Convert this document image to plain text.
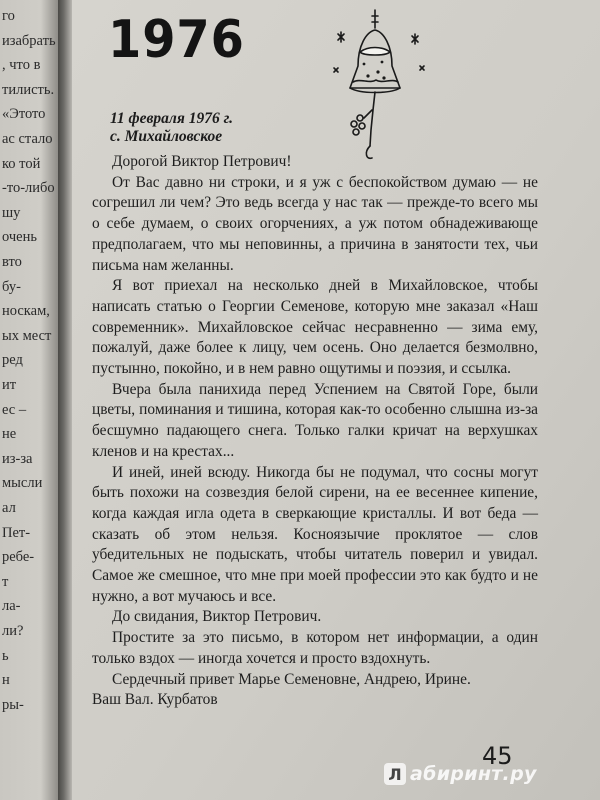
го
изабрать
, что в
тилисть.
«Этото
ас стало
ко той
-то-либо
шу
очень
вто
бу-
носкам,
ых мест
ред
ит
ес –
не
из-за
мысли
ал
Пет-
ребе-
т
ла-
ли?
ь
н
ры-
1976
11 февраля 1976 г.
с. Михайловское

Дорогой Виктор Петрович!

От Вас давно ни строки, и я уж с беспокойством думаю — не согрешил ли чем? Это ведь всегда у нас так — прежде-то всего мы о себе думаем, о своих огорчениях, а уж потом обнадеживающе предполагаем, что мы неповинны, а причина в занятости тех, чьи письма нам желанны.

Я вот приехал на несколько дней в Михайловское, чтобы написать статью о Георгии Семенове, которую мне заказал «Наш современник». Михайловское сейчас несравненно — зима ему, пожалуй, даже более к лицу, чем осень. Оно делается безмолвно, пустынно, покойно, и в нем равно ощутимы и поэзия, и ссылка.

Вчера была панихида перед Успением на Святой Горе, были цветы, поминания и тишина, которая как-то особенно слышна из-за бесшумно падающего снега. Только галки кричат на верхушках кленов и на крестах...

И иней, иней всюду. Никогда бы не подумал, что сосны могут быть похожи на созвездия белой сирени, на ее весеннее кипение, когда каждая игла одета в сверкающие кристаллы. И вот беда — сказать об этом нельзя. Косноязычие проклятое — слов убедительных не подыскать, чтобы читатель поверил и увидал. Самое же смешное, что мне при моей профессии это как будто и не нужно, а вот мучаюсь и все.

До свидания, Виктор Петрович.

Простите за это письмо, в котором нет информации, а один только вздох — иногда хочется и просто вздохнуть.

Сердечный привет Марье Семеновне, Андрею, Ирине.

Ваш Вал. Курбатов

45
Л абиринт.ру
